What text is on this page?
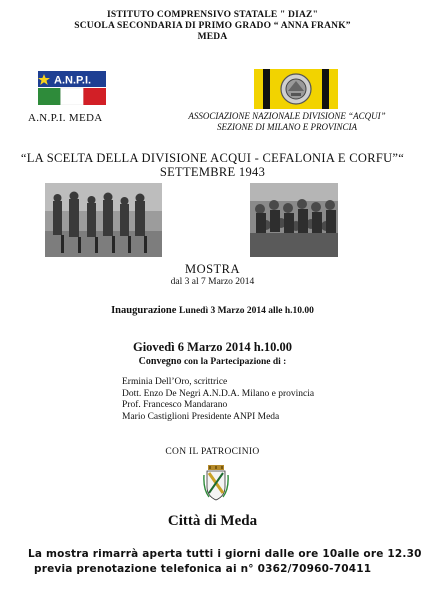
ISTITUTO COMPRENSIVO STATALE " DIAZ"
SCUOLA SECONDARIA DI PRIMO GRADO “ ANNA FRANK”
MEDA
A.N.P.I.
A.N.P.I. MEDA	ASSOCIAZIONE NAZIONALE DIVISIONE “ACQUI”
SEZIONE DI MILANO E PROVINCIA
“LA SCELTA DELLA DIVISIONE ACQUI - CEFALONIA E CORFU”“
SETTEMBRE 1943
MOSTRA
dal 3 al 7 Marzo 2014
Inaugurazione Lunedì 3 Marzo 2014 alle h.10.00
Giovedì 6 Marzo 2014 h.10.00
Convegno con la Partecipazione di :
Erminia Dell’Oro, scrittrice
Dott. Enzo De Negri A.N.D.A. Milano e provincia
Prof. Francesco Mandarano
Mario Castiglioni Presidente ANPI Meda
CON IL PATROCINIO
Città di Meda
La mostra rimarrà aperta tutti i giorni dalle ore 10alle ore 12.30
previa prenotazione telefonica ai n° 0362/70960-70411
